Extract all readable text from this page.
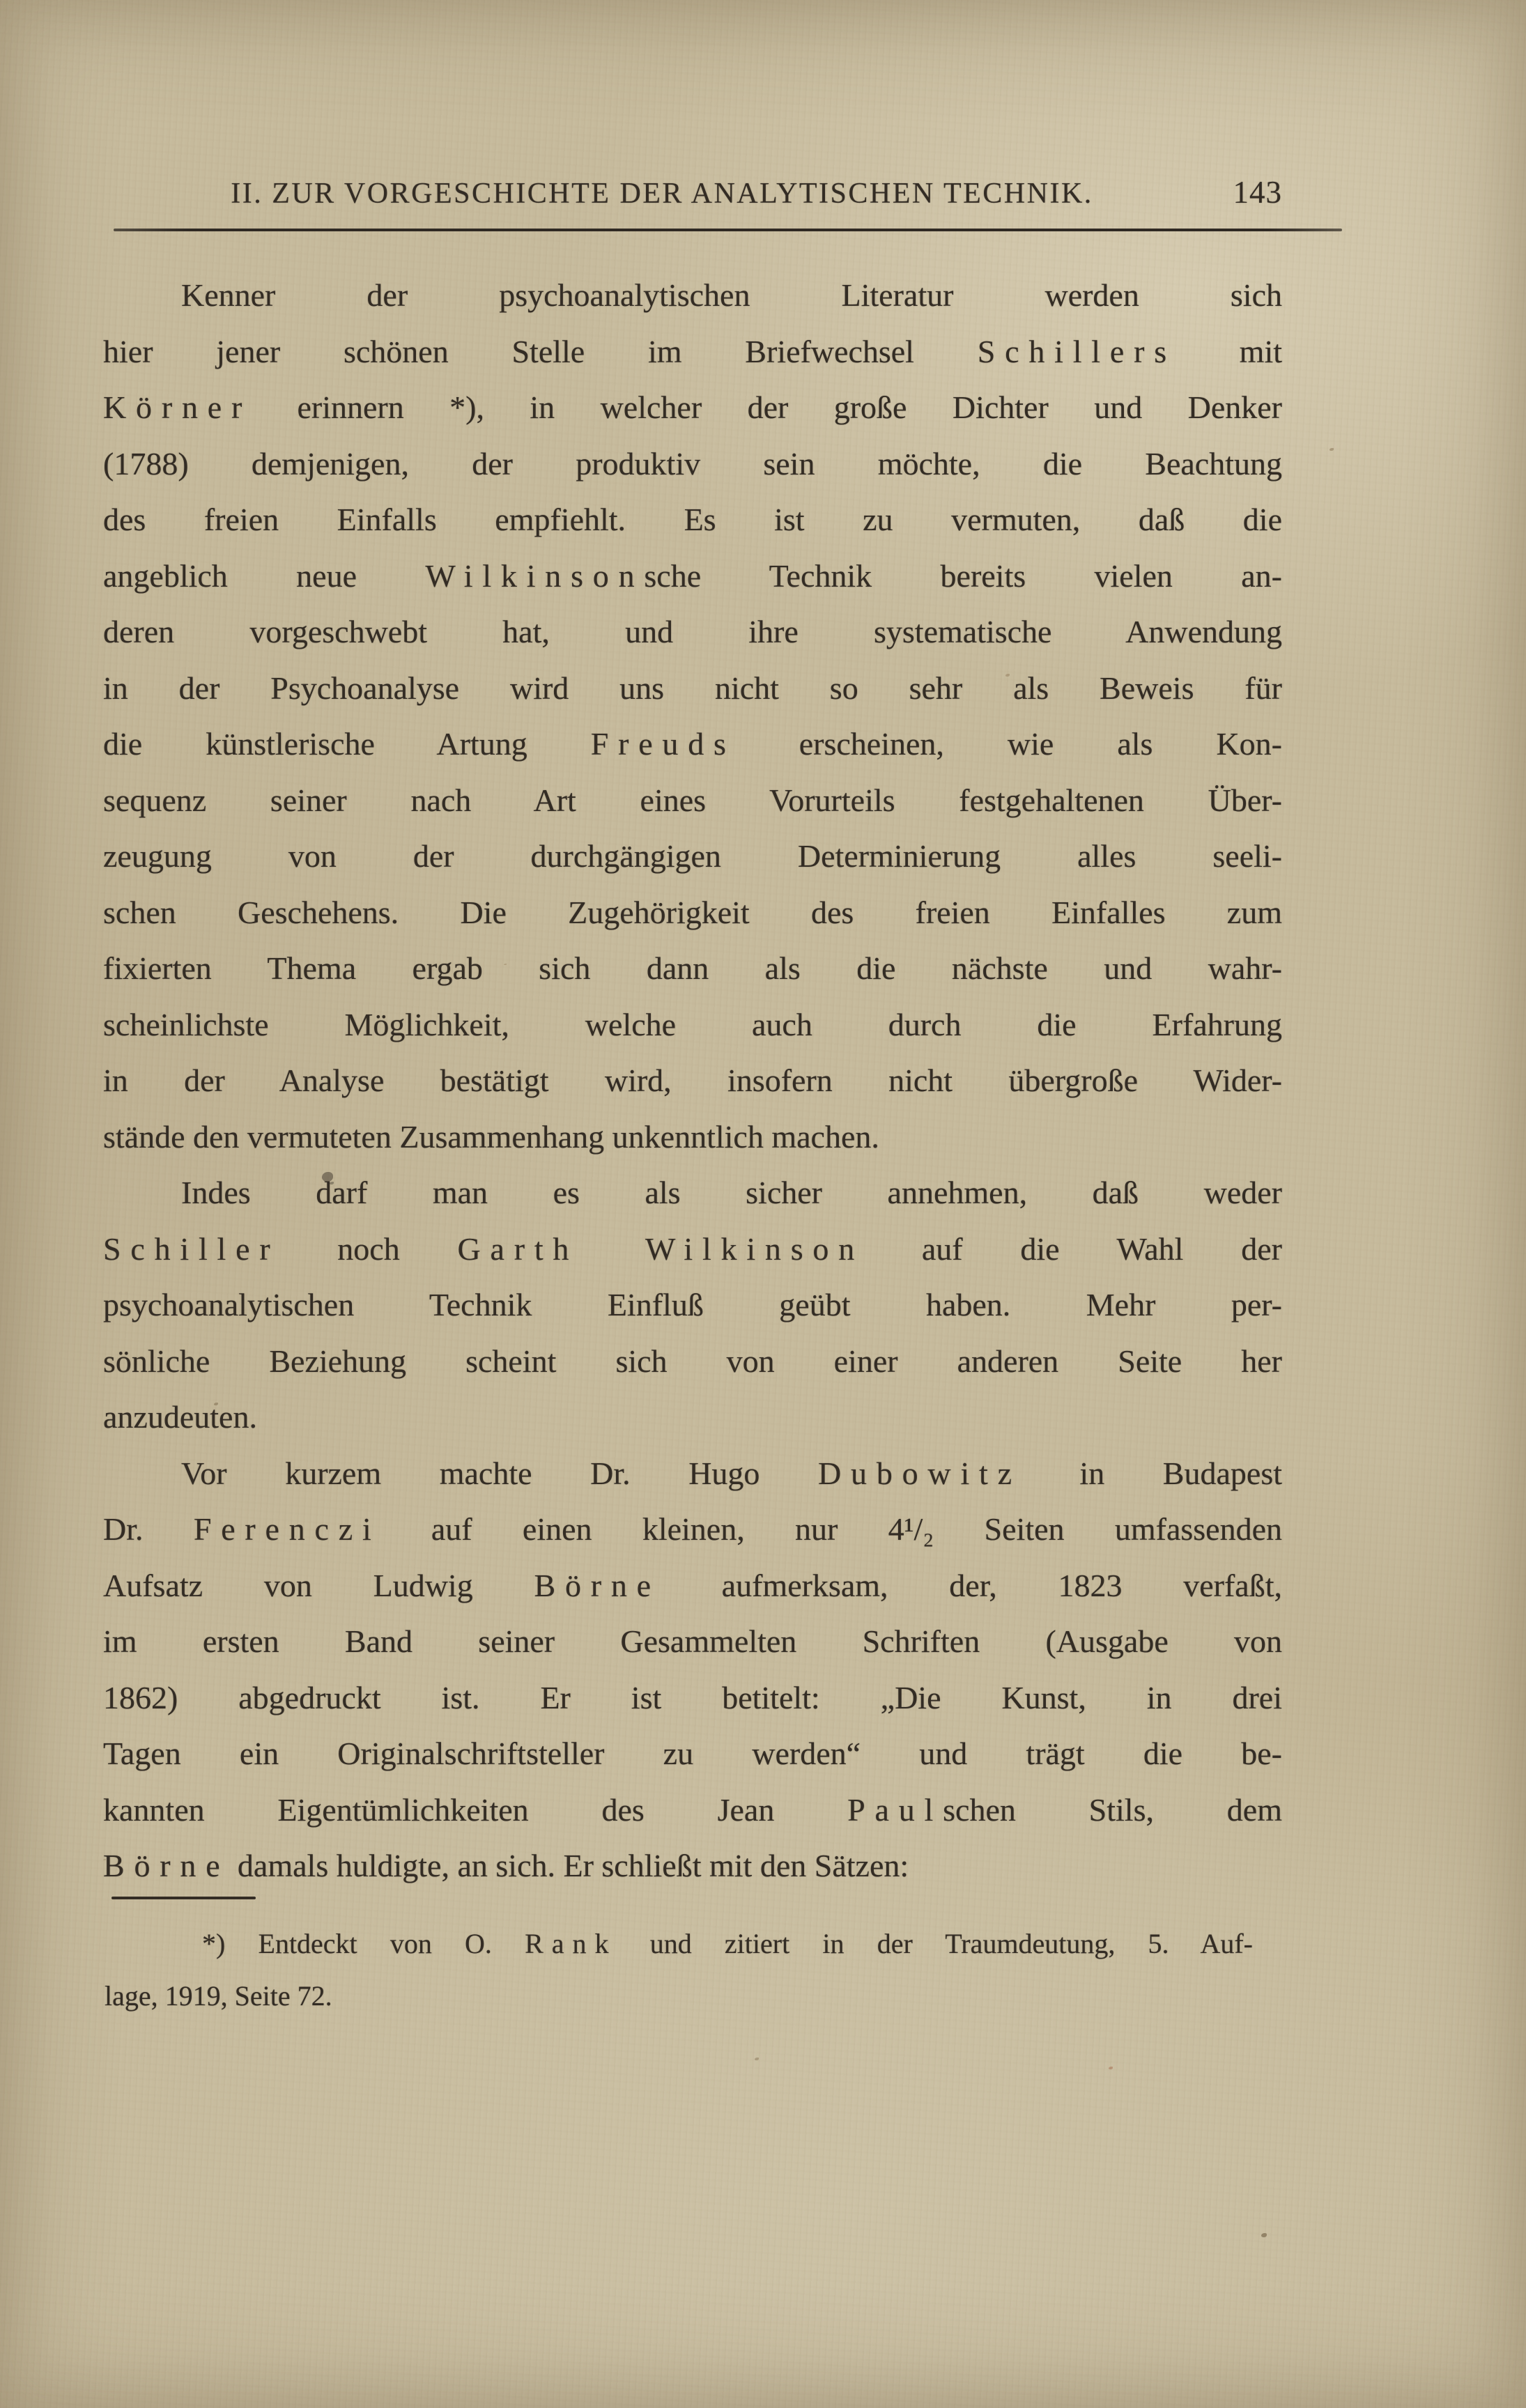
II. ZUR VORGESCHICHTE DER ANALYTISCHEN TECHNIK.	143
Kenner der psychoanalytischen Literatur werden sich
hier jener schönen Stelle im Briefwechsel Schillers mit
Körner erinnern *), in welcher der große Dichter und Denker
(1788) demjenigen, der produktiv sein möchte, die Beachtung
des freien Einfalls empfiehlt. Es ist zu vermuten, daß die
angeblich neue Wilkinsonsche Technik bereits vielen an-
deren vorgeschwebt hat, und ihre systematische Anwendung
in der Psychoanalyse wird uns nicht so sehr als Beweis für
die künstlerische Artung Freuds erscheinen, wie als Kon-
sequenz seiner nach Art eines Vorurteils festgehaltenen Über-
zeugung von der durchgängigen Determinierung alles seeli-
schen Geschehens. Die Zugehörigkeit des freien Einfalles zum
fixierten Thema ergab sich dann als die nächste und wahr-
scheinlichste Möglichkeit, welche auch durch die Erfahrung
in der Analyse bestätigt wird, insofern nicht übergroße Wider-
stände den vermuteten Zusammenhang unkenntlich machen.
Indes darf man es als sicher annehmen, daß weder
Schiller noch Garth Wilkinson auf die Wahl der
psychoanalytischen Technik Einfluß geübt haben. Mehr per-
sönliche Beziehung scheint sich von einer anderen Seite her
anzudeuten.
Vor kurzem machte Dr. Hugo Dubowitz in Budapest
Dr. Ferenczi auf einen kleinen, nur 4¹/₂ Seiten umfassenden
Aufsatz von Ludwig Börne aufmerksam, der, 1823 verfaßt,
im ersten Band seiner Gesammelten Schriften (Ausgabe von
1862) abgedruckt ist. Er ist betitelt: „Die Kunst, in drei
Tagen ein Originalschriftsteller zu werden“ und trägt die be-
kannten Eigentümlichkeiten des Jean Paulschen Stils, dem
Börne damals huldigte, an sich. Er schließt mit den Sätzen:
*) Entdeckt von O. Rank und zitiert in der Traumdeutung, 5. Auf-
lage, 1919, Seite 72.
